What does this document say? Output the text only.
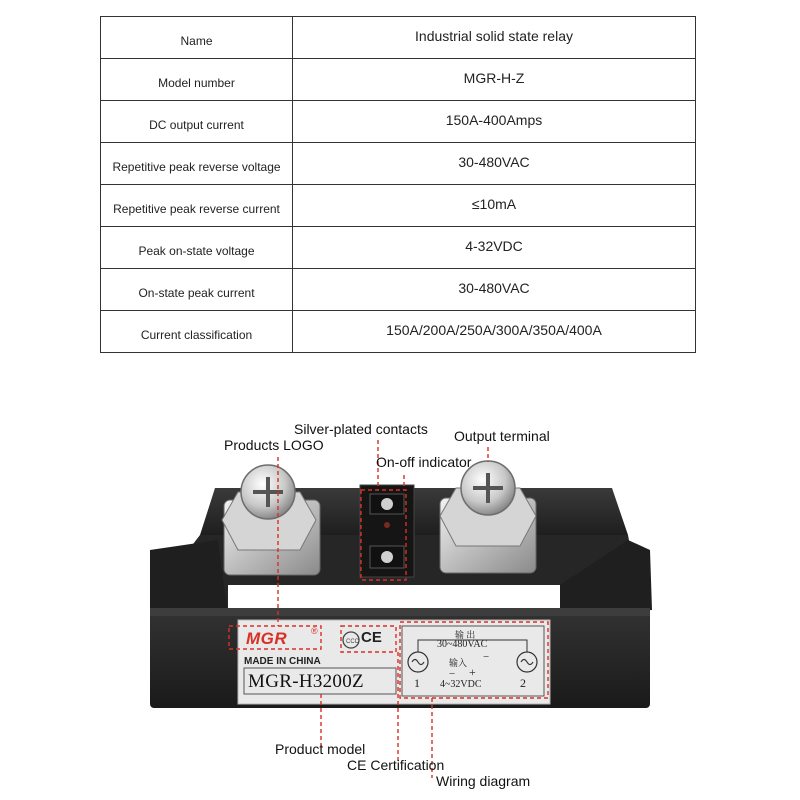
Name	Industrial solid state relay
Model number	MGR-H-Z
DC output current	150A-400Amps
Repetitive peak reverse voltage	30-480VAC
Repetitive peak reverse current	≤10mA
Peak on-state voltage	4-32VDC
On-state peak current	30-480VAC
Current classification	150A/200A/250A/300A/350A/400A
CCC
MGR	®
MADE IN CHINA
MGR-H3200Z
CE	输 出
30~480VAC
输入 −
− +
4~32VDC
1	2
Products LOGO
Silver-plated contacts Output terminal
On-off indicator
Product model
CE Certification
Wiring diagram
